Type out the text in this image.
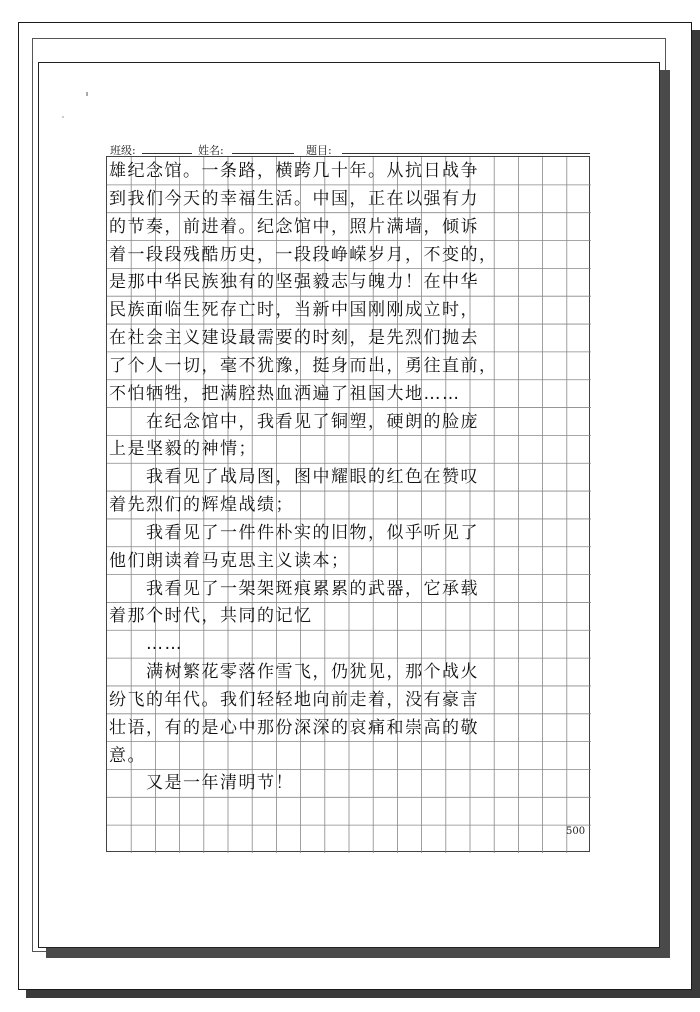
班级:	姓名:	题目:
雄纪念馆。一条路，横跨几十年。从抗日战争
到我们今天的幸福生活。中国，正在以强有力
的节奏，前进着。纪念馆中，照片满墙，倾诉
着一段段残酷历史，一段段峥嵘岁月，不变的，
是那中华民族独有的坚强毅志与魄力！在中华
民族面临生死存亡时，当新中国刚刚成立时，
在社会主义建设最需要的时刻，是先烈们抛去
了个人一切，毫不犹豫，挺身而出，勇往直前，
不怕牺牲，把满腔热血洒遍了祖国大地……
　　在纪念馆中，我看见了铜塑，硬朗的脸庞
上是坚毅的神情；
　　我看见了战局图，图中耀眼的红色在赞叹
着先烈们的辉煌战绩；
　　我看见了一件件朴实的旧物，似乎听见了
他们朗读着马克思主义读本；
　　我看见了一架架斑痕累累的武器，它承载
着那个时代，共同的记忆
　　……
　　满树繁花零落作雪飞，仍犹见，那个战火
纷飞的年代。我们轻轻地向前走着，没有豪言
壮语，有的是心中那份深深的哀痛和崇高的敬
意。
　　又是一年清明节！
500
